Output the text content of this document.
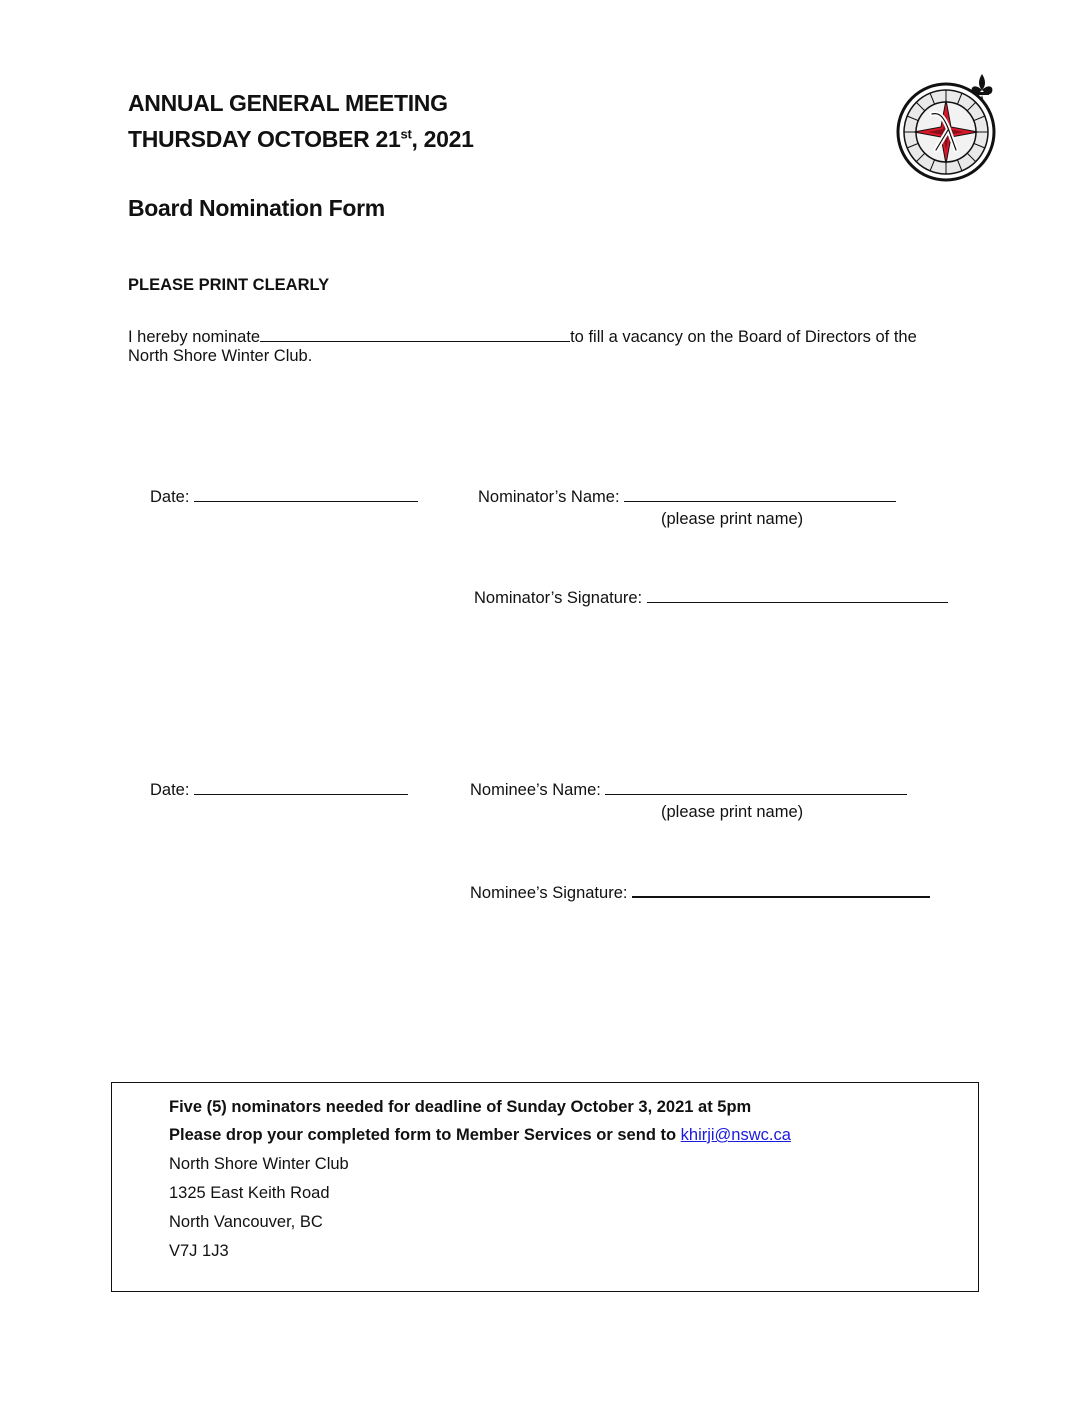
ANNUAL GENERAL MEETING
THURSDAY OCTOBER 21st, 2021
Board Nomination Form
PLEASE PRINT CLEARLY
I hereby nominate	to fill a vacancy on the Board of Directors of the
North Shore Winter Club.
Date:	Nominator’s Name:
(please print name)
Nominator’s Signature:
Date:	Nominee’s Name:
(please print name)
Nominee’s Signature:
Five (5) nominators needed for deadline of Sunday October 3, 2021 at 5pm
Please drop your completed form to Member Services or send to khirji@nswc.ca
North Shore Winter Club
1325 East Keith Road
North Vancouver, BC
V7J 1J3
